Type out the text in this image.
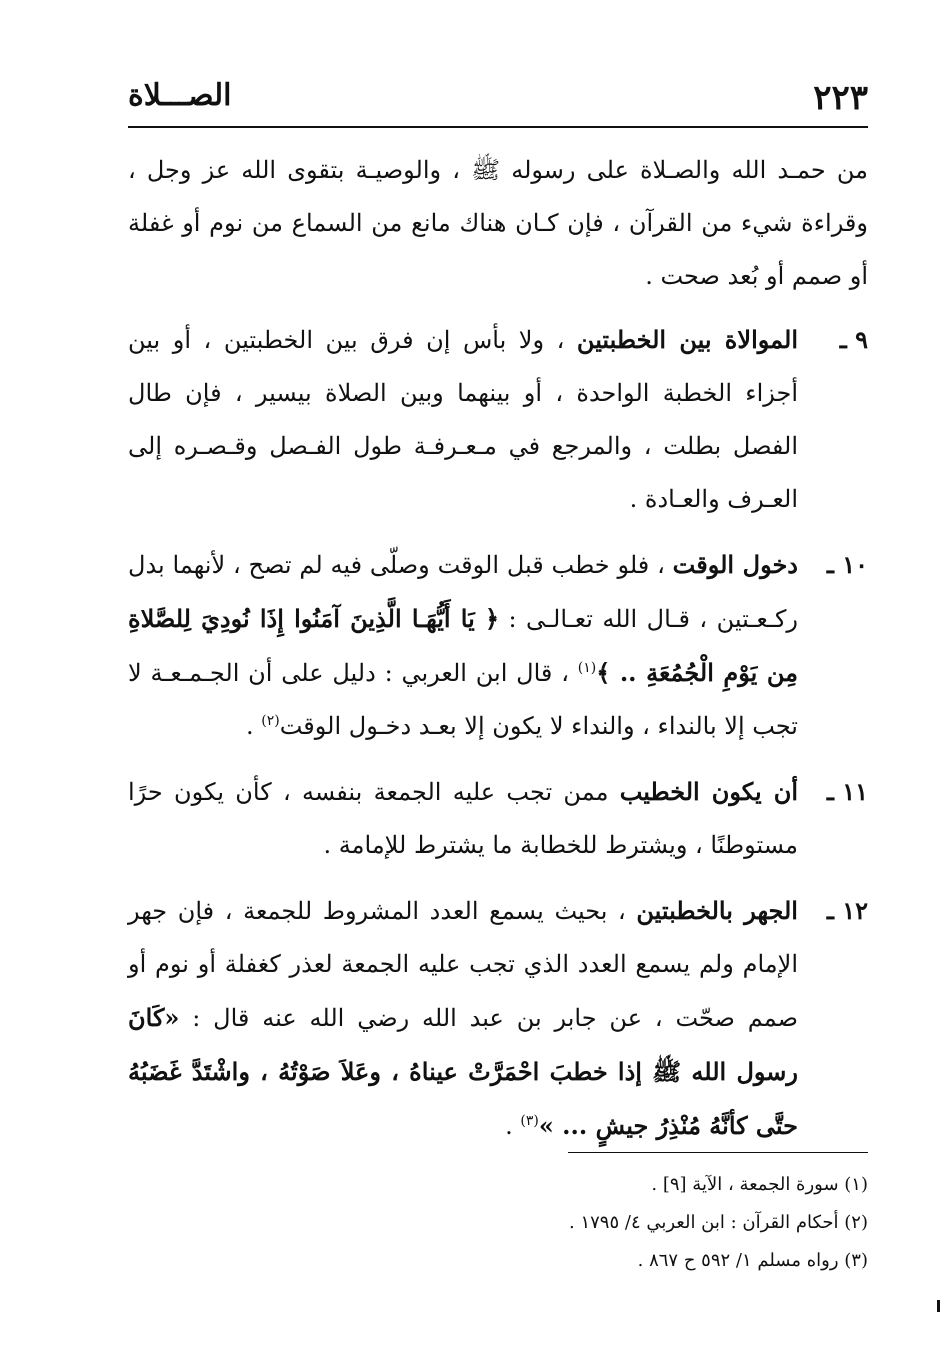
٢٢٣
الصـــلاة

من حمـد الله والصـلاة على رسوله ﷺ ، والوصيـة بتقوى الله عز وجل ، وقراءة شيء من القرآن ، فإن كـان هناك مانع من السماع من نوم أو غفلة أو صمم أو بُعد صحت .

٩ ـ
الموالاة بين الخطبتين ، ولا بأس إن فرق بين الخطبتين ، أو بين أجزاء الخطبة الواحدة ، أو بينهما وبين الصلاة بيسير ، فإن طال الفصل بطلت ، والمرجع في مـعـرفـة طول الفـصل وقـصـره إلى العـرف والعـادة .
١٠ ـ
دخول الوقت ، فلو خطب قبل الوقت وصلّى فيه لم تصح ، لأنهما بدل ركـعـتين ، قـال الله تعـالـى : ﴿ يَا أَيُّهَـا الَّذِينَ آمَنُوا إِذَا نُودِيَ لِلصَّلاةِ مِن يَوْمِ الْجُمُعَةِ .. ﴾$^{(١)}$ ، قال ابن العربي : دليل على أن الجـمـعـة لا تجب إلا بالنداء ، والنداء لا يكون إلا بعـد دخـول الوقت$^{(٢)}$ .
١١ ـ
أن يكون الخطيب ممن تجب عليه الجمعة بنفسه ، كأن يكون حرًا مستوطنًا ، ويشترط للخطابة ما يشترط للإمامة .
١٢ ـ
الجهر بالخطبتين ، بحيث يسمع العدد المشروط للجمعة ، فإن جهر الإمام ولم يسمع العدد الذي تجب عليه الجمعة لعذر كغفلة أو نوم أو صمم صحّت ، عن جابر بن عبد الله رضي الله عنه قال : «كَانَ رسول الله ﷺ إذا خطبَ احْمَرَّتْ عيناهُ ، وعَلاَ صَوْتُهُ ، واشْتَدَّ غَضَبُهُ حتَّى كأنَّهُ مُنْذِرُ جيشٍ ... »$^{(٣)}$ .
(١) سورة الجمعة ، الآية [٩] .
(٢) أحكام القرآن : ابن العربي ٤/ ١٧٩٥ .
(٣) رواه مسلم ١/ ٥٩٢ ح ٨٦٧ .
